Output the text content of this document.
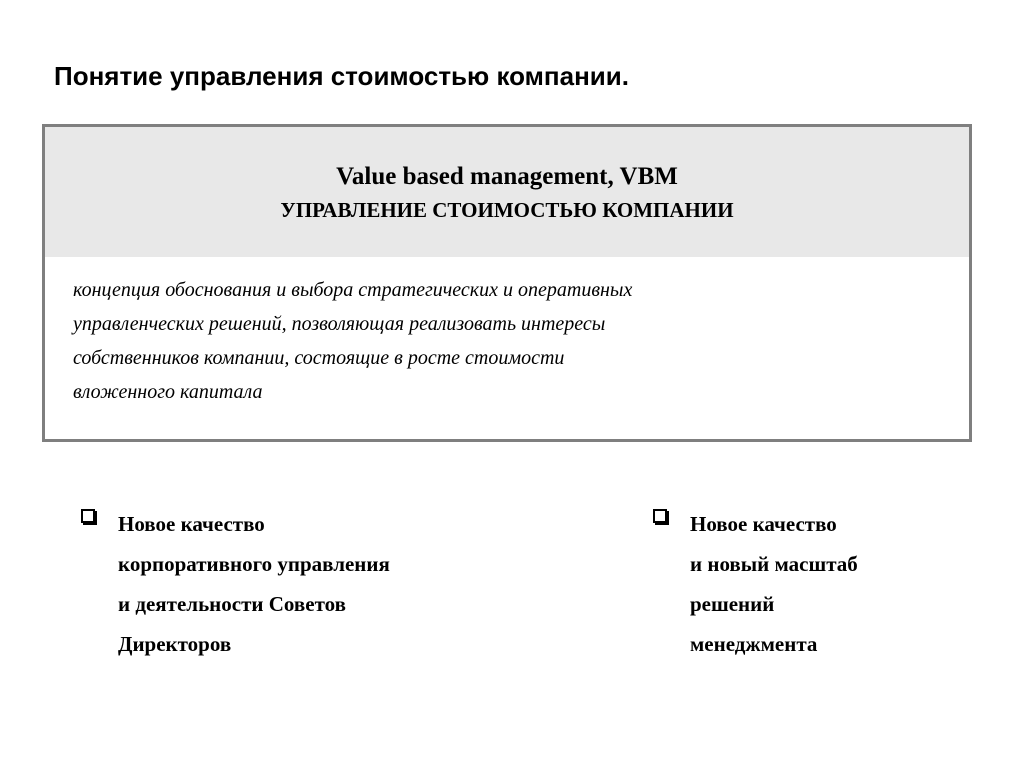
Понятие управления стоимостью компании.
Value based management, VBM
УПРАВЛЕНИЕ СТОИМОСТЬЮ КОМПАНИИ

концепция обоснования и выбора стратегических и оперативных
управленческих решений, позволяющая реализовать интересы
собственников компании, состоящие в росте стоимости
вложенного капитала

Новое качество
корпоративного управления
и деятельности Советов
Директоров
Новое качество
и новый масштаб
решений
менеджмента
